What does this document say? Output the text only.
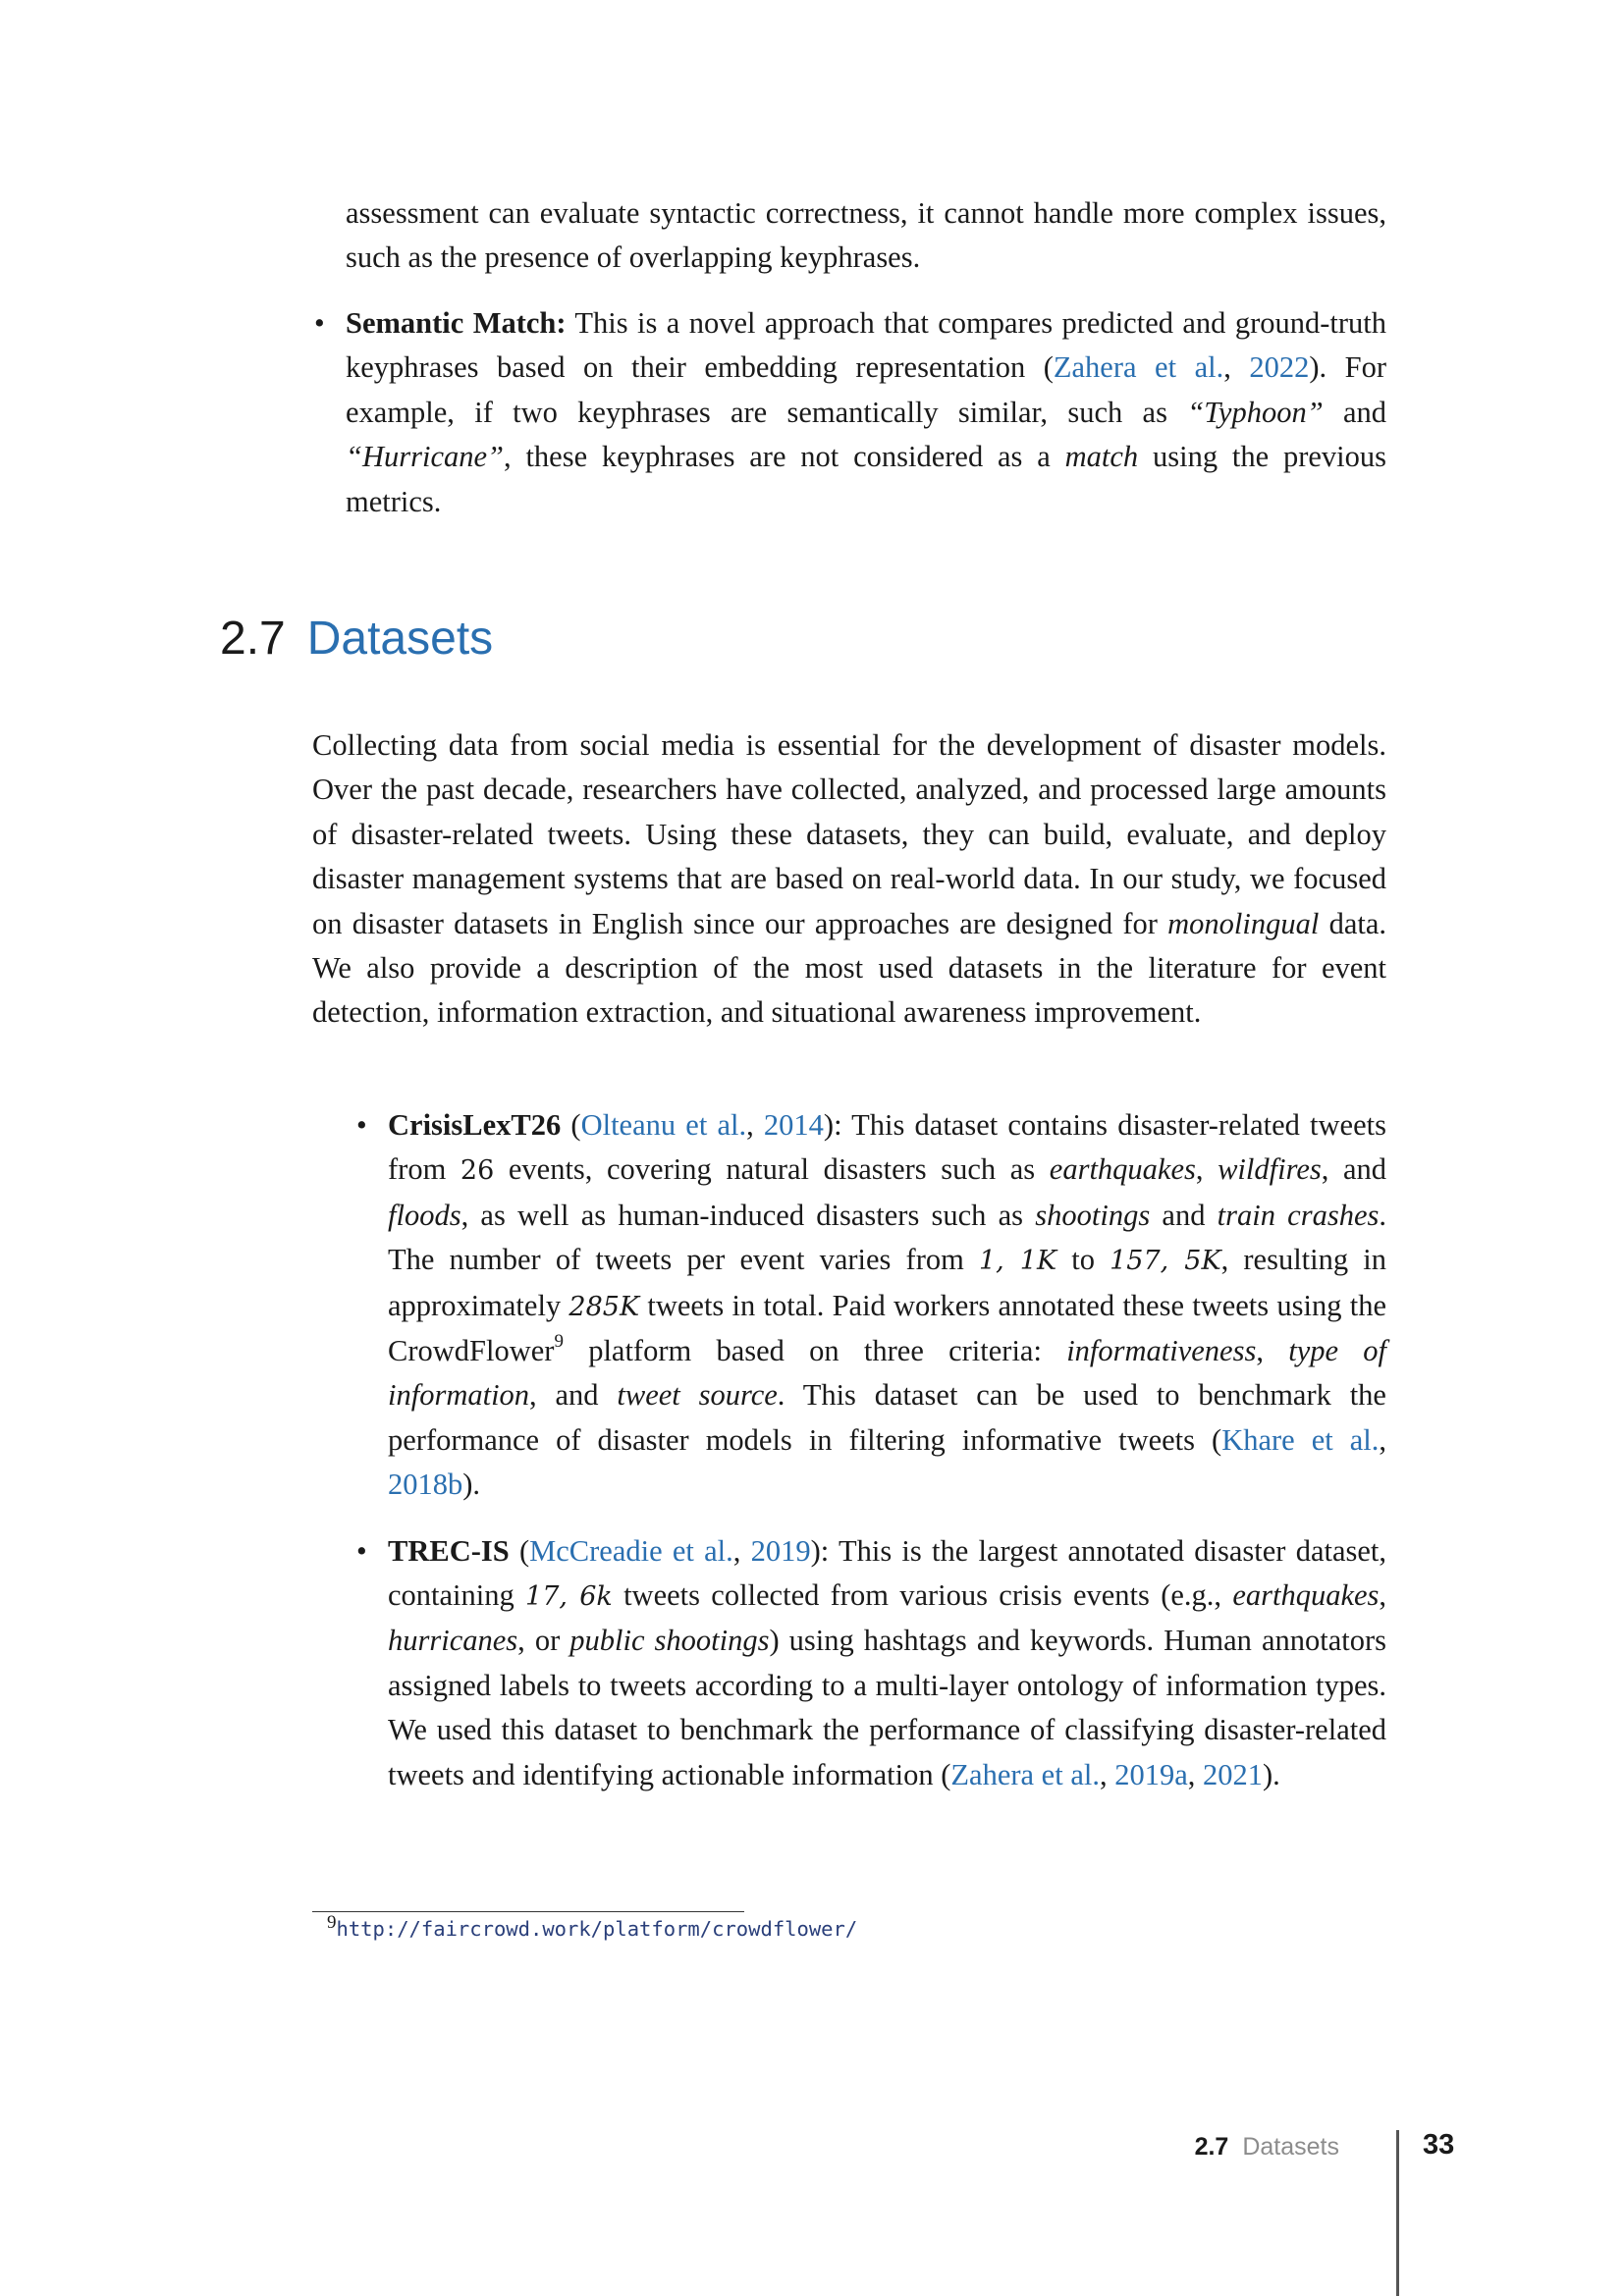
assessment can evaluate syntactic correctness, it cannot handle more complex issues, such as the presence of overlapping keyphrases.
• Semantic Match: This is a novel approach that compares predicted and ground-truth keyphrases based on their embedding representation (Zahera et al., 2022). For example, if two keyphrases are semantically similar, such as “Typhoon” and “Hurricane”, these keyphrases are not considered as a match using the previous metrics.
2.7 Datasets

Collecting data from social media is essential for the development of disaster models. Over the past decade, researchers have collected, analyzed, and processed large amounts of disaster-related tweets. Using these datasets, they can build, evaluate, and deploy disaster management systems that are based on real-world data. In our study, we focused on disaster datasets in English since our approaches are designed for monolingual data. We also provide a description of the most used datasets in the literature for event detection, information extraction, and situational awareness improvement.

• CrisisLexT26 (Olteanu et al., 2014): This dataset contains disaster-related tweets from 26 events, covering natural disasters such as earthquakes, wildfires, and floods, as well as human-induced disasters such as shootings and train crashes. The number of tweets per event varies from 1, 1K to 157, 5K, resulting in approximately 285K tweets in total. Paid workers annotated these tweets using the CrowdFlower$^9$ platform based on three criteria: informativeness, type of information, and tweet source. This dataset can be used to benchmark the performance of disaster models in filtering informative tweets (Khare et al., 2018b).
• TREC-IS (McCreadie et al., 2019): This is the largest annotated disaster dataset, containing 17, 6k tweets collected from various crisis events (e.g., earthquakes, hurricanes, or public shootings) using hashtags and keywords. Human annotators assigned labels to tweets according to a multi-layer ontology of information types. We used this dataset to benchmark the performance of classifying disaster-related tweets and identifying actionable information (Zahera et al., 2019a, 2021).
9http://faircrowd.work/platform/crowdflower/
2.7 Datasets	33
